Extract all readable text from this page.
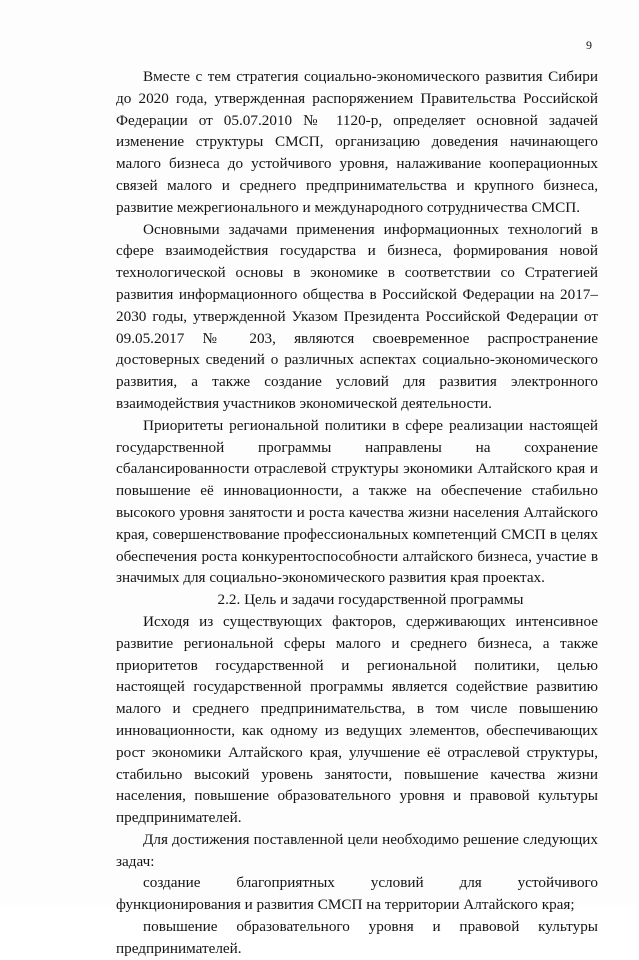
9

Вместе с тем стратегия социально-экономического развития Сибири до 2020 года, утвержденная распоряжением Правительства Российской Федерации от 05.07.2010 № 1120-р, определяет основной задачей изменение структуры СМСП, организацию доведения начинающего малого бизнеса до устойчивого уровня, налаживание кооперационных связей малого и среднего предпринимательства и крупного бизнеса, развитие межрегионального и международного сотрудничества СМСП.

Основными задачами применения информационных технологий в сфере взаимодействия государства и бизнеса, формирования новой технологической основы в экономике в соответствии со Стратегией развития информационного общества в Российской Федерации на 2017–2030 годы, утвержденной Указом Президента Российской Федерации от 09.05.2017 № 203, являются своевременное распространение достоверных сведений о различных аспектах социально-экономического развития, а также создание условий для развития электронного взаимодействия участников экономической деятельности.

Приоритеты региональной политики в сфере реализации настоящей государственной программы направлены на сохранение сбалансированности отраслевой структуры экономики Алтайского края и повышение её инновационности, а также на обеспечение стабильно высокого уровня занятости и роста качества жизни населения Алтайского края, совершенствование профессиональных компетенций СМСП в целях обеспечения роста конкурентоспособности алтайского бизнеса, участие в значимых для социально-экономического развития края проектах.

2.2. Цель и задачи государственной программы

Исходя из существующих факторов, сдерживающих интенсивное развитие региональной сферы малого и среднего бизнеса, а также приоритетов государственной и региональной политики, целью настоящей государственной программы является содействие развитию малого и среднего предпринимательства, в том числе повышению инновационности, как одному из ведущих элементов, обеспечивающих рост экономики Алтайского края, улучшение её отраслевой структуры, стабильно высокий уровень занятости, повышение качества жизни населения, повышение образовательного уровня и правовой культуры предпринимателей.

Для достижения поставленной цели необходимо решение следующих задач:

создание благоприятных условий для устойчивого функционирования и развития СМСП на территории Алтайского края;

повышение образовательного уровня и правовой культуры предпринимателей.
